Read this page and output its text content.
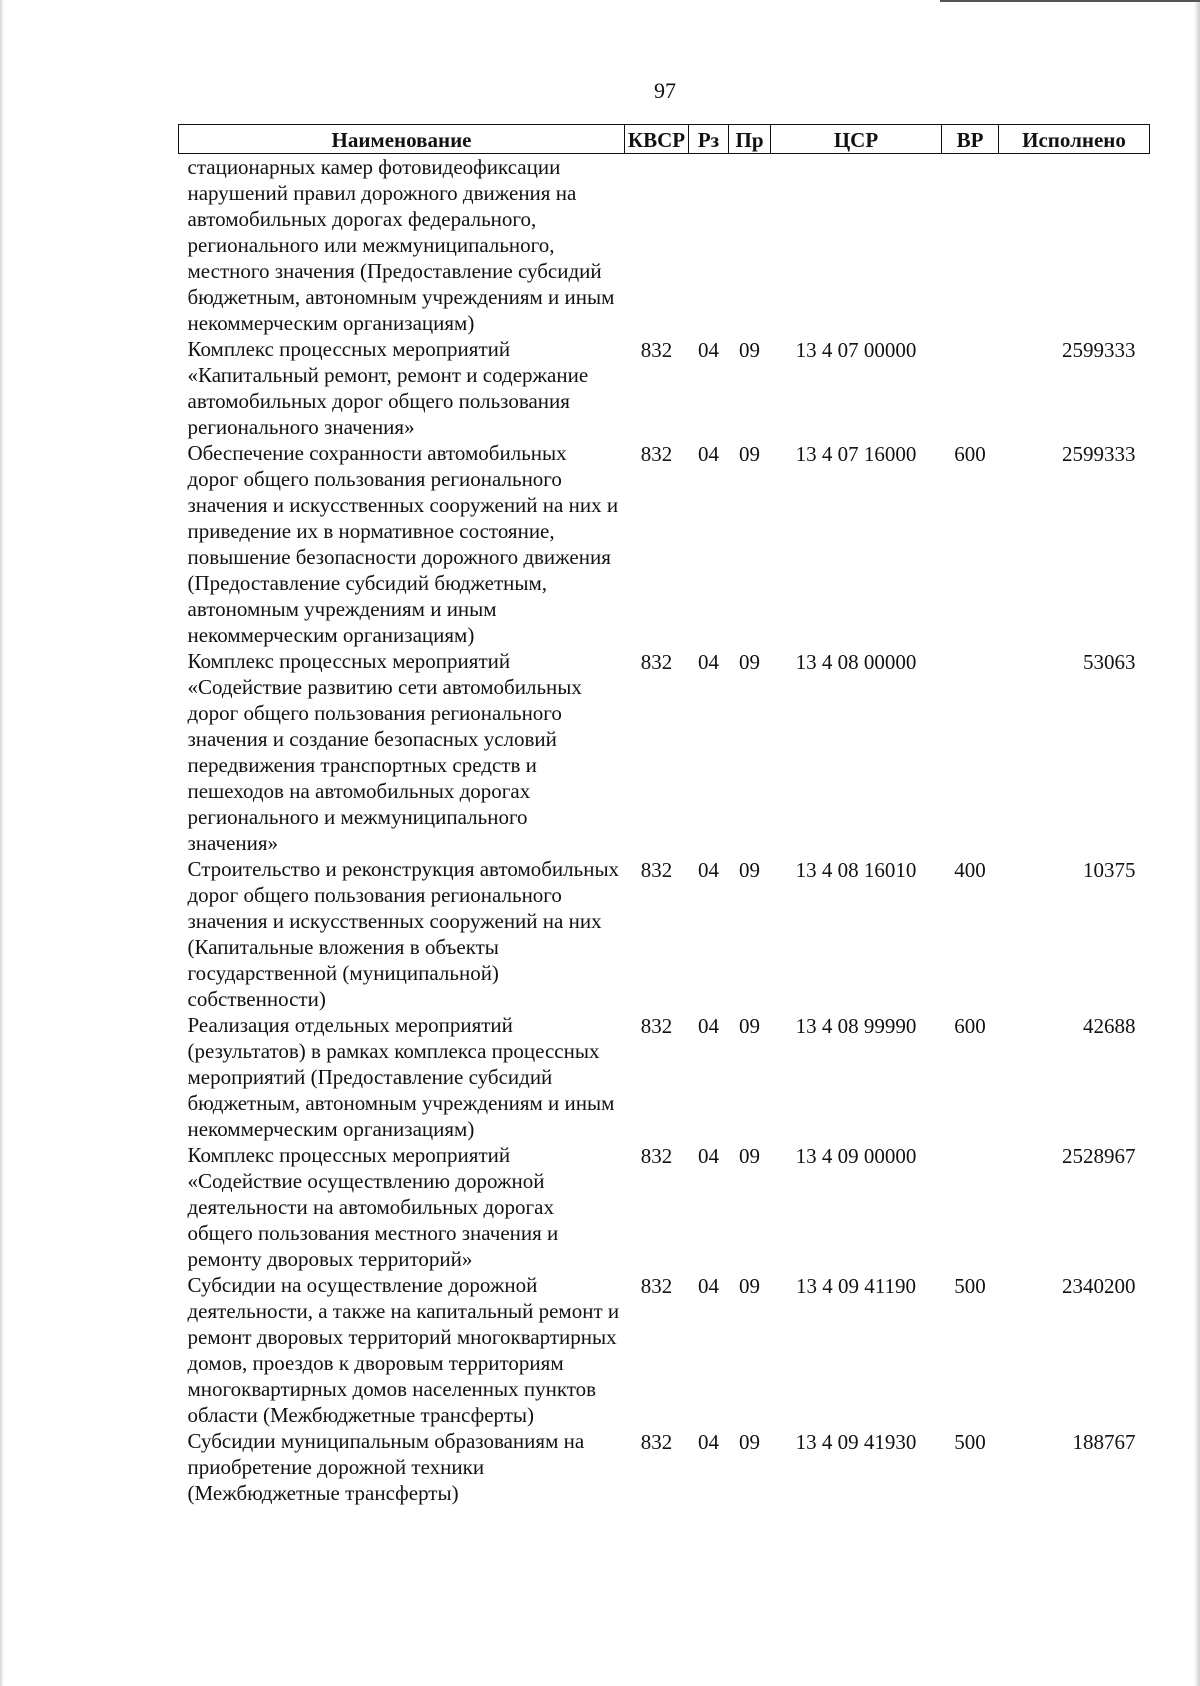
97
Наименование	КВСР	Рз	Пр	ЦСР	ВР	Исполнено
стационарных камер фотовидеофиксации нарушений правил дорожного движения на автомобильных дорогах федерального, регионального или межмуниципального, местного значения (Предоставление субсидий бюджетным, автономным учреждениям и иным некоммерческим организациям)						
Комплекс процессных мероприятий «Капитальный ремонт, ремонт и содержание автомобильных дорог общего пользования регионального значения»	832	04	09	13 4 07 00000		2599333
Обеспечение сохранности автомобильных дорог общего пользования регионального значения и искусственных сооружений на них и приведение их в нормативное состояние, повышение безопасности дорожного движения (Предоставление субсидий бюджетным, автономным учреждениям и иным некоммерческим организациям)	832	04	09	13 4 07 16000	600	2599333
Комплекс процессных мероприятий «Содействие развитию сети автомобильных дорог общего пользования регионального значения и создание безопасных условий передвижения транспортных средств и пешеходов на автомобильных дорогах регионального и межмуниципального значения»	832	04	09	13 4 08 00000		53063
Строительство и реконструкция автомобильных дорог общего пользования регионального значения и искусственных сооружений на них (Капитальные вложения в объекты государственной (муниципальной) собственности)	832	04	09	13 4 08 16010	400	10375
Реализация отдельных мероприятий (результатов) в рамках комплекса процессных мероприятий (Предоставление субсидий бюджетным, автономным учреждениям и иным некоммерческим организациям)	832	04	09	13 4 08 99990	600	42688
Комплекс процессных мероприятий «Содействие осуществлению дорожной деятельности на автомобильных дорогах общего пользования местного значения и ремонту дворовых территорий»	832	04	09	13 4 09 00000		2528967
Субсидии на осуществление дорожной деятельности, а также на капитальный ремонт и ремонт дворовых территорий многоквартирных домов, проездов к дворовым территориям многоквартирных домов населенных пунктов области (Межбюджетные трансферты)	832	04	09	13 4 09 41190	500	2340200
Субсидии муниципальным образованиям на приобретение дорожной техники (Межбюджетные трансферты)	832	04	09	13 4 09 41930	500	188767
